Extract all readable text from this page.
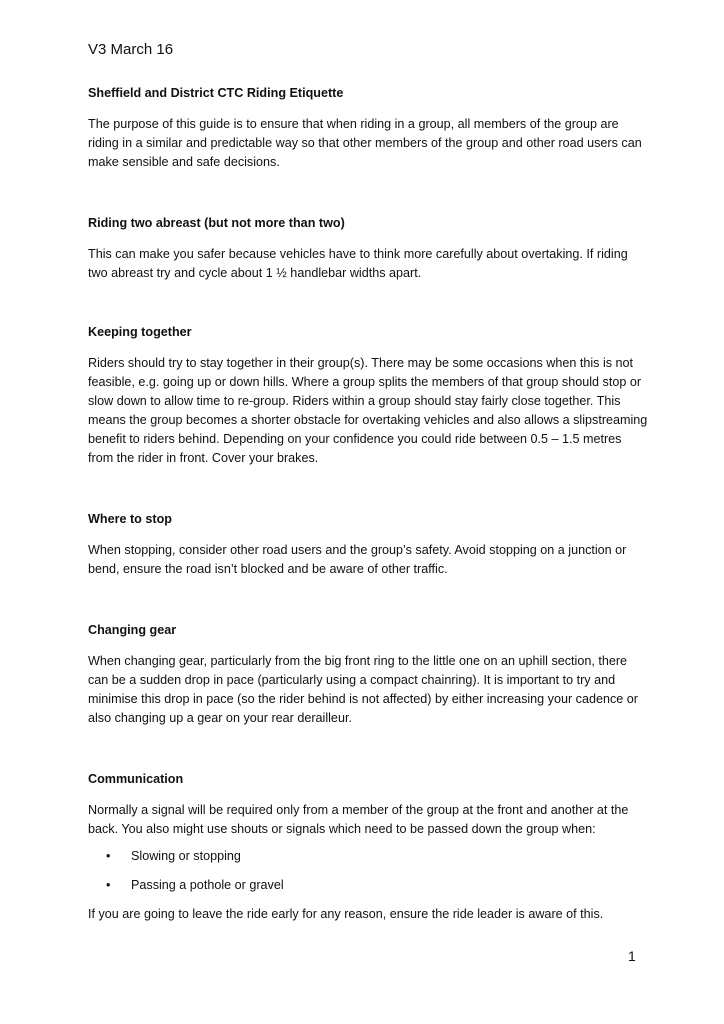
V3 March 16

Sheffield and District CTC Riding Etiquette

The purpose of this guide is to ensure that when riding in a group, all members of the group are riding in a similar and predictable way so that other members of the group and other road users can make sensible and safe decisions.

Riding two abreast (but not more than two)

This can make you safer because vehicles have to think more carefully about overtaking. If riding two abreast try and cycle about 1 ½ handlebar widths apart.

Keeping together

Riders should try to stay together in their group(s). There may be some occasions when this is not feasible, e.g. going up or down hills. Where a group splits the members of that group should stop or slow down to allow time to re-group. Riders within a group should stay fairly close together. This means the group becomes a shorter obstacle for overtaking vehicles and also allows a slipstreaming benefit to riders behind. Depending on your confidence you could ride between 0.5 – 1.5 metres from the rider in front. Cover your brakes.

Where to stop

When stopping, consider other road users and the group’s safety. Avoid stopping on a junction or bend, ensure the road isn’t blocked and be aware of other traffic.

Changing gear

When changing gear, particularly from the big front ring to the little one on an uphill section, there can be a sudden drop in pace (particularly using a compact chainring). It is important to try and minimise this drop in pace (so the rider behind is not affected) by either increasing your cadence or also changing up a gear on your rear derailleur.

Communication

Normally a signal will be required only from a member of the group at the front and another at the back. You also might use shouts or signals which need to be passed down the group when:

• Slowing or stopping
• Passing a pothole or gravel

If you are going to leave the ride early for any reason, ensure the ride leader is aware of this.

1
